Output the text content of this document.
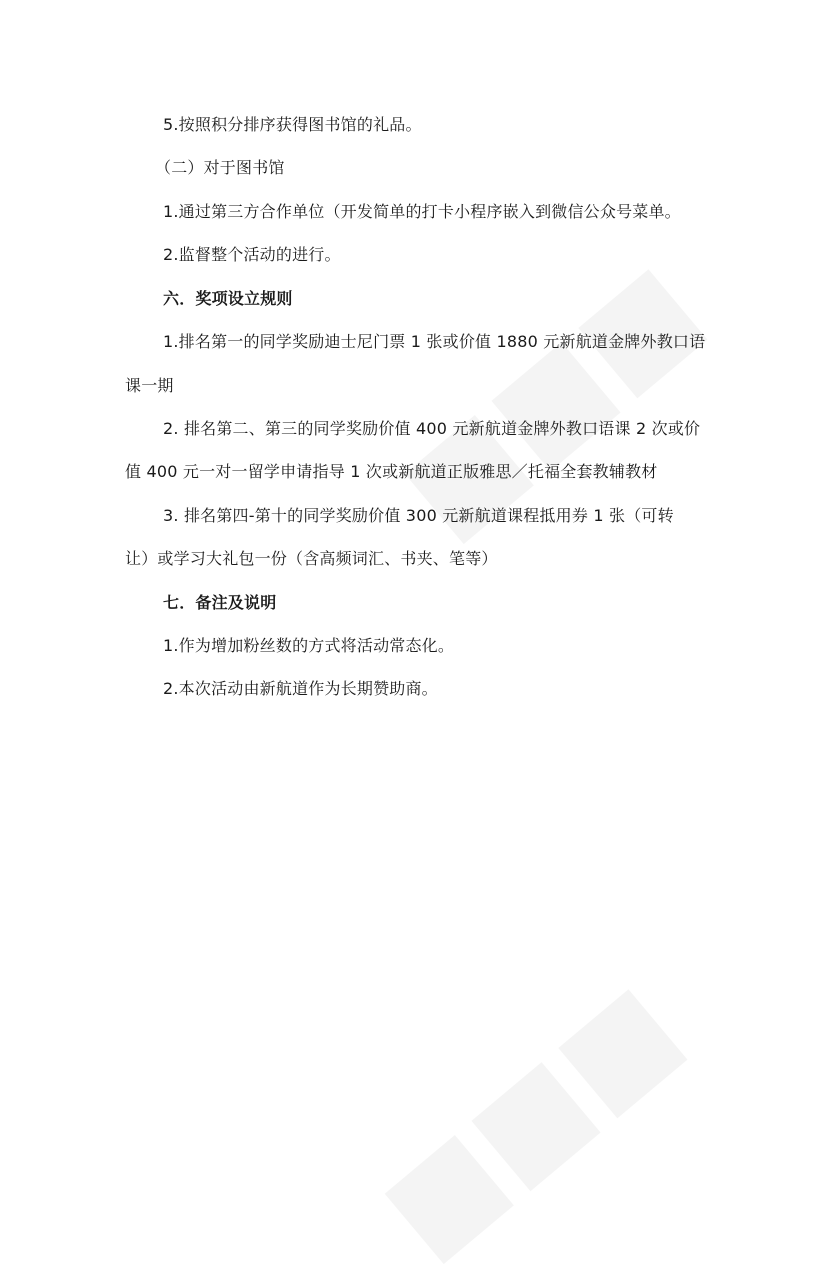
5.按照积分排序获得图书馆的礼品。
（二）对于图书馆
1.通过第三方合作单位（开发简单的打卡小程序嵌入到微信公众号菜单。
2.监督整个活动的进行。
六．奖项设立规则
1.排名第一的同学奖励迪士尼门票 1 张或价值 1880 元新航道金牌外教口语
课一期
2. 排名第二、第三的同学奖励价值 400 元新航道金牌外教口语课 2 次或价
值 400 元一对一留学申请指导 1 次或新航道正版雅思／托福全套教辅教材
3. 排名第四-第十的同学奖励价值 300 元新航道课程抵用券 1 张（可转
让）或学习大礼包一份（含高频词汇、书夹、笔等）
七．备注及说明
1.作为增加粉丝数的方式将活动常态化。
2.本次活动由新航道作为长期赞助商。
